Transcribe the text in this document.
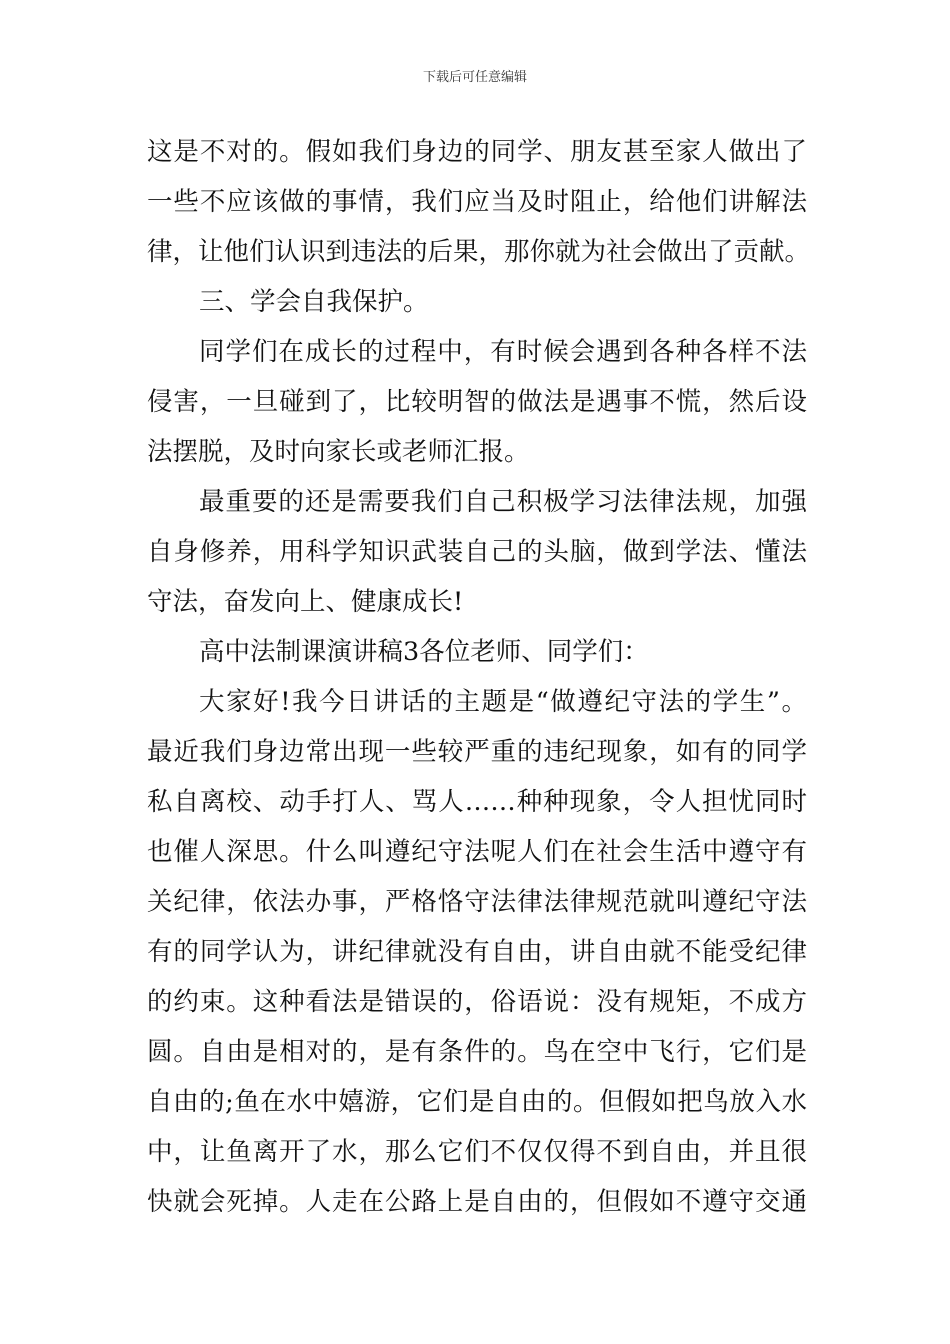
下载后可任意编辑
这是不对的。假如我们身边的同学、朋友甚至家人做出了
一些不应该做的事情，我们应当及时阻止，给他们讲解法
律，让他们认识到违法的后果，那你就为社会做出了贡献。
三、学会自我保护。
同学们在成长的过程中，有时候会遇到各种各样不法
侵害，一旦碰到了，比较明智的做法是遇事不慌，然后设
法摆脱，及时向家长或老师汇报。
最重要的还是需要我们自己积极学习法律法规，加强
自身修养，用科学知识武装自己的头脑，做到学法、懂法
守法，奋发向上、健康成长!
高中法制课演讲稿3各位老师、同学们：
大家好!我今日讲话的主题是“做遵纪守法的学生”。
最近我们身边常出现一些较严重的违纪现象，如有的同学
私自离校、动手打人、骂人……种种现象，令人担忧同时
也催人深思。什么叫遵纪守法呢人们在社会生活中遵守有
关纪律，依法办事，严格恪守法律法律规范就叫遵纪守法
有的同学认为，讲纪律就没有自由，讲自由就不能受纪律
的约束。这种看法是错误的，俗语说：没有规矩，不成方
圆。自由是相对的，是有条件的。鸟在空中飞行，它们是
自由的;鱼在水中嬉游，它们是自由的。但假如把鸟放入水
中，让鱼离开了水，那么它们不仅仅得不到自由，并且很
快就会死掉。人走在公路上是自由的，但假如不遵守交通
